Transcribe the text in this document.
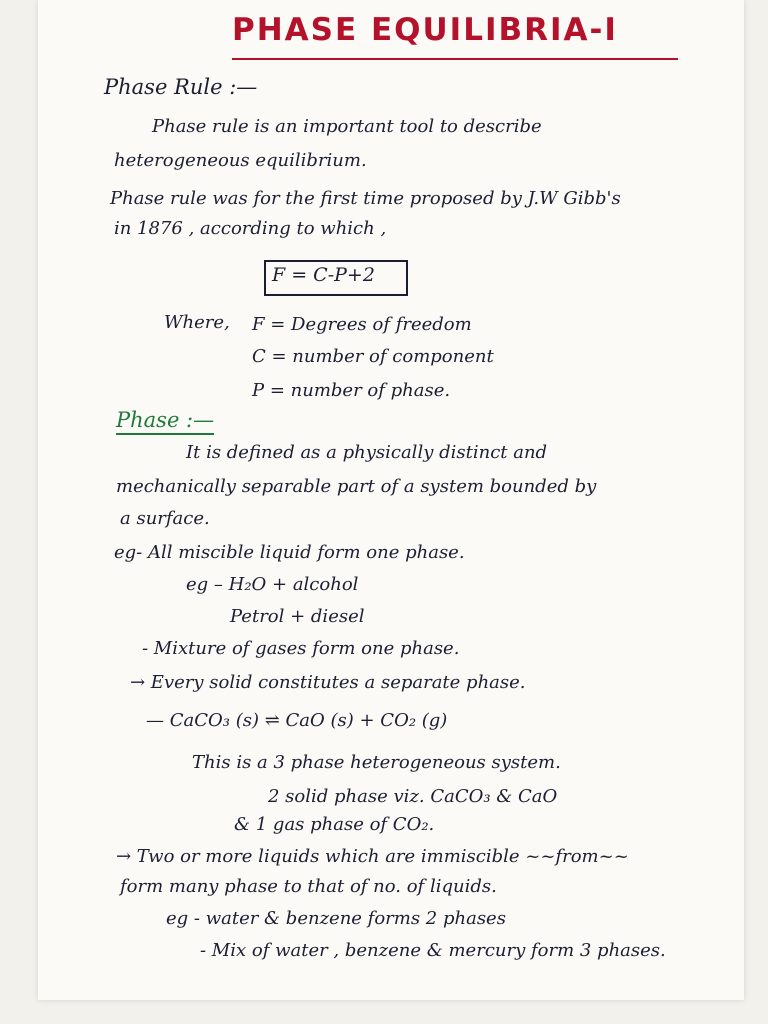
PHASE EQUILIBRIA-I
Phase Rule :—
Phase rule is an important tool to describe
heterogeneous equilibrium.
Phase rule was for the first time proposed by J.W Gibb's
in 1876 , according to which ,
F = C-P+2
Where, F = Degrees of freedom
C = number of component
P = number of phase.
Phase :—
It is defined as a physically distinct and
mechanically separable part of a system bounded by
a surface.
eg- All miscible liquid form one phase.
eg – H₂O + alcohol
Petrol + diesel
- Mixture of gases form one phase.
→ Every solid constitutes a separate phase.
— CaCO₃ (s) ⇌ CaO (s) + CO₂ (g)
This is a 3 phase heterogeneous system.
2 solid phase viz. CaCO₃ & CaO
& 1 gas phase of CO₂.
→ Two or more liquids which are immiscible ~~from~~
form many phase to that of no. of liquids.
eg - water & benzene forms 2 phases
- Mix of water , benzene & mercury form 3 phases.
